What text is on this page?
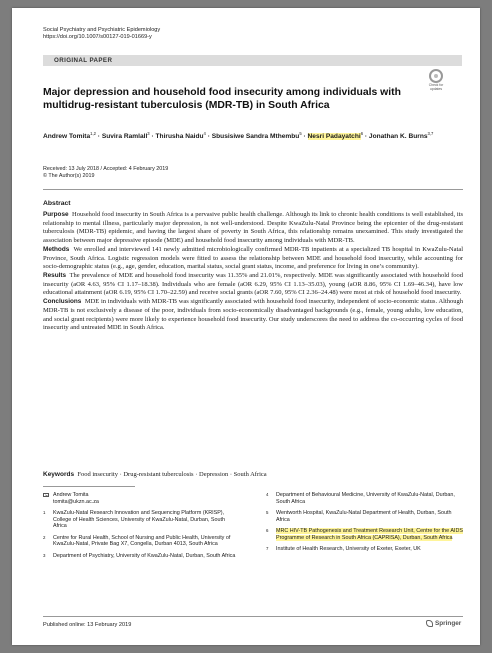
Social Psychiatry and Psychiatric Epidemiology
https://doi.org/10.1007/s00127-019-01669-y
ORIGINAL PAPER
Check for
updates
Major depression and household food insecurity among individuals with multidrug-resistant tuberculosis (MDR-TB) in South Africa
Andrew Tomita$^{1,2}$ · Suvira Ramlall$^3$ · Thirusha Naidu$^4$ · Sbusisiwe Sandra Mthembu$^5$ · Nesri Padayatchi$^6$ · Jonathan K. Burns$^{3,7}$
Received: 13 July 2018 / Accepted: 4 February 2019
© The Author(s) 2019
Abstract

Purpose Household food insecurity in South Africa is a pervasive public health challenge. Although its link to chronic health conditions is well established, its relationship to mental illness, particularly major depression, is not well-understood. Despite KwaZulu-Natal Province being the epicenter of the drug-resistant tuberculosis (MDR-TB) epidemic, and having the largest share of poverty in South Africa, this relationship remains unexamined. This study investigated the association between major depressive episode (MDE) and household food insecurity among individuals with MDR-TB.

Methods We enrolled and interviewed 141 newly admitted microbiologically confirmed MDR-TB inpatients at a specialized TB hospital in KwaZulu-Natal Province, South Africa. Logistic regression models were fitted to assess the relationship between MDE and household food insecurity, while accounting for socio-demographic status (e.g., age, gender, education, marital status, social grant status, income, and preference for living in one’s community).

Results The prevalence of MDE and household food insecurity was 11.35% and 21.01%, respectively. MDE was significantly associated with household food insecurity (aOR 4.63, 95% CI 1.17–18.38). Individuals who are female (aOR 6.29, 95% CI 1.13–35.03), young (aOR 8.86, 95% CI 1.69–46.34), have low educational attainment (aOR 6.19, 95% CI 1.70–22.59) and receive social grants (aOR 7.60, 95% CI 2.36–24.48) were most at risk of household food insecurity.

Conclusions MDE in individuals with MDR-TB was significantly associated with household food insecurity, independent of socio-economic status. Although MDR-TB is not exclusively a disease of the poor, individuals from socio-economically disadvantaged backgrounds (e.g., female, young adults, low education, and social grant recipients) were more likely to experience household food insecurity. Our study underscores the need to address the co-occurring cycles of food insecurity and untreated MDE in South Africa.

Keywords Food insecurity · Drug-resistant tuberculosis · Depression · South Africa
Andrew Tomita
tomita@ukzn.ac.za
1 KwaZulu-Natal Research Innovation and Sequencing Platform (KRISP), College of Health Sciences, University of KwaZulu-Natal, Durban, South Africa
2 Centre for Rural Health, School of Nursing and Public Health, University of KwaZulu-Natal, Private Bag X7, Congella, Durban 4013, South Africa
3 Department of Psychiatry, University of KwaZulu-Natal, Durban, South Africa
4 Department of Behavioural Medicine, University of KwaZulu-Natal, Durban, South Africa
5 Wentworth Hospital, KwaZulu-Natal Department of Health, Durban, South Africa
6 MRC HIV-TB Pathogenesis and Treatment Research Unit, Centre for the AIDS Programme of Research in South Africa (CAPRISA), Durban, South Africa
7 Institute of Health Research, University of Exeter, Exeter, UK
Published online: 13 February 2019	Springer
